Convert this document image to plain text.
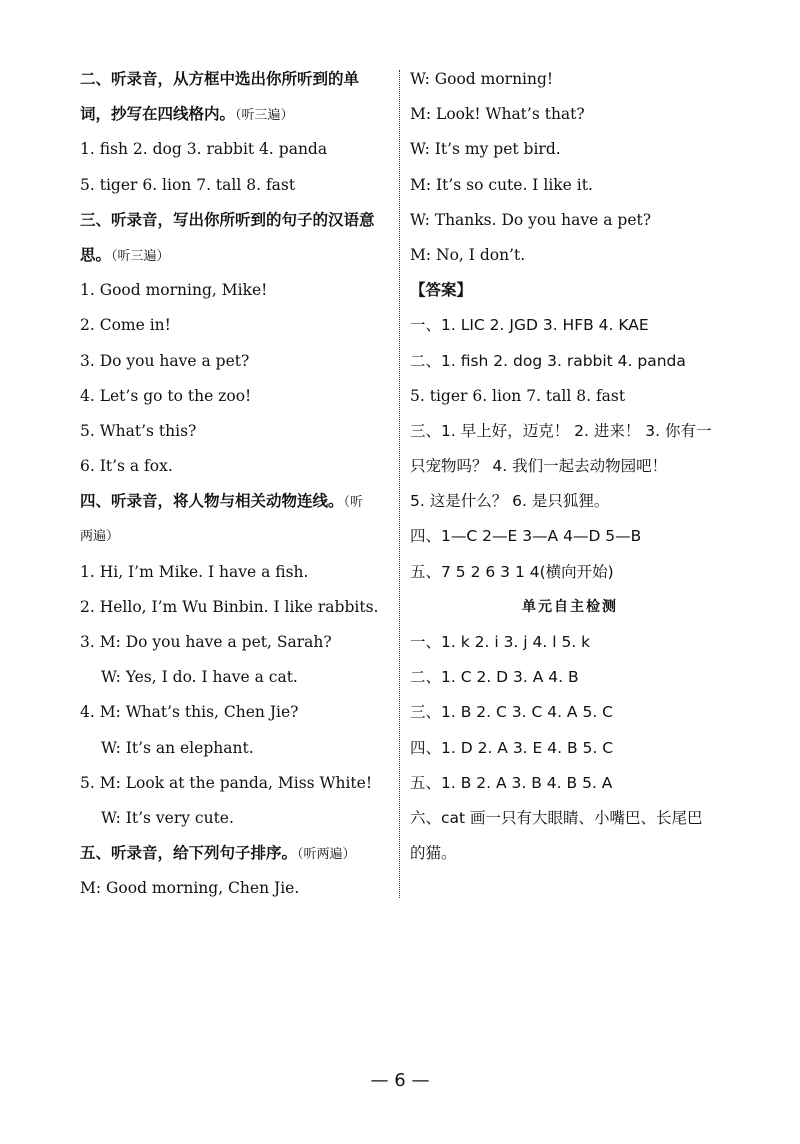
二、听录音，从方框中选出你所听到的单
词，抄写在四线格内。（听三遍）
1. fish 2. dog 3. rabbit 4. panda
5. tiger 6. lion 7. tall 8. fast
三、听录音，写出你所听到的句子的汉语意
思。（听三遍）
1. Good morning, Mike!
2. Come in!
3. Do you have a pet?
4. Let’s go to the zoo!
5. What’s this?
6. It’s a fox.
四、听录音，将人物与相关动物连线。（听
两遍）
1. Hi, I’m Mike. I have a fish.
2. Hello, I’m Wu Binbin. I like rabbits.
3. M: Do you have a pet, Sarah?
W: Yes, I do. I have a cat.
4. M: What’s this, Chen Jie?
W: It’s an elephant.
5. M: Look at the panda, Miss White!
W: It’s very cute.
五、听录音，给下列句子排序。（听两遍）
M: Good morning, Chen Jie.
W: Good morning!
M: Look! What’s that?
W: It’s my pet bird.
M: It’s so cute. I like it.
W: Thanks. Do you have a pet?
M: No, I don’t.
【答案】
一、1. LIC 2. JGD 3. HFB 4. KAE
二、1. fish 2. dog 3. rabbit 4. panda
5. tiger 6. lion 7. tall 8. fast
三、1. 早上好，迈克！ 2. 进来！ 3. 你有一
只宠物吗？ 4. 我们一起去动物园吧！
5. 这是什么？ 6. 是只狐狸。
四、1—C 2—E 3—A 4—D 5—B
五、7 5 2 6 3 1 4(横向开始)
单元自主检测
一、1. k 2. i 3. j 4. l 5. k
二、1. C 2. D 3. A 4. B
三、1. B 2. C 3. C 4. A 5. C
四、1. D 2. A 3. E 4. B 5. C
五、1. B 2. A 3. B 4. B 5. A
六、cat 画一只有大眼睛、小嘴巴、长尾巴
的猫。
— 6 —
